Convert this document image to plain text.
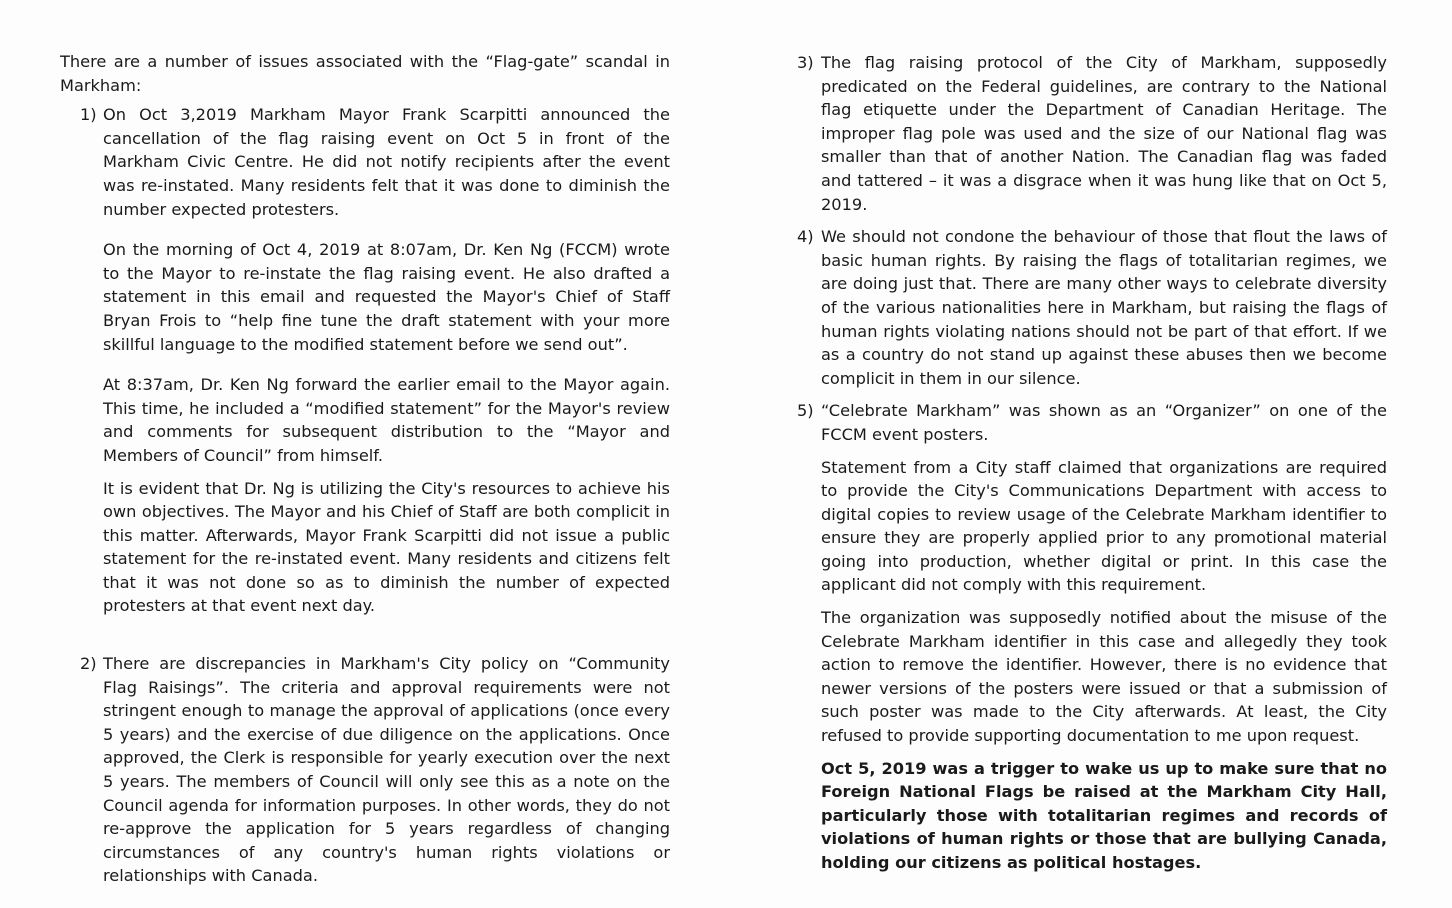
There are a number of issues associated with the “Flag-gate” scandal in Markham:

1) On Oct 3,2019 Markham Mayor Frank Scarpitti announced the cancellation of the flag raising event on Oct 5 in front of the Markham Civic Centre. He did not notify recipients after the event was re-instated. Many residents felt that it was done to diminish the number expected protesters.

On the morning of Oct 4, 2019 at 8:07am, Dr. Ken Ng (FCCM) wrote to the Mayor to re-instate the flag raising event. He also drafted a statement in this email and requested the Mayor's Chief of Staff Bryan Frois to “help fine tune the draft statement with your more skillful language to the modified statement before we send out”.

At 8:37am, Dr. Ken Ng forward the earlier email to the Mayor again. This time, he included a “modified statement” for the Mayor's review and comments for subsequent distribution to the “Mayor and Members of Council” from himself.

It is evident that Dr. Ng is utilizing the City's resources to achieve his own objectives. The Mayor and his Chief of Staff are both complicit in this matter. Afterwards, Mayor Frank Scarpitti did not issue a public statement for the re-instated event. Many residents and citizens felt that it was not done so as to diminish the number of expected protesters at that event next day.

2) There are discrepancies in Markham's City policy on “Community Flag Raisings”. The criteria and approval requirements were not stringent enough to manage the approval of applications (once every 5 years) and the exercise of due diligence on the applications. Once approved, the Clerk is responsible for yearly execution over the next 5 years. The members of Council will only see this as a note on the Council agenda for information purposes. In other words, they do not re-approve the application for 5 years regardless of changing circumstances of any country's human rights violations or relationships with Canada.

3) The flag raising protocol of the City of Markham, supposedly predicated on the Federal guidelines, are contrary to the National flag etiquette under the Department of Canadian Heritage. The improper flag pole was used and the size of our National flag was smaller than that of another Nation. The Canadian flag was faded and tattered – it was a disgrace when it was hung like that on Oct 5, 2019.

4) We should not condone the behaviour of those that flout the laws of basic human rights. By raising the flags of totalitarian regimes, we are doing just that. There are many other ways to celebrate diversity of the various nationalities here in Markham, but raising the flags of human rights violating nations should not be part of that effort. If we as a country do not stand up against these abuses then we become complicit in them in our silence.

5) “Celebrate Markham” was shown as an “Organizer” on one of the FCCM event posters.

Statement from a City staff claimed that organizations are required to provide the City's Communications Department with access to digital copies to review usage of the Celebrate Markham identifier to ensure they are properly applied prior to any promotional material going into production, whether digital or print. In this case the applicant did not comply with this requirement.

The organization was supposedly notified about the misuse of the Celebrate Markham identifier in this case and allegedly they took action to remove the identifier. However, there is no evidence that newer versions of the posters were issued or that a submission of such poster was made to the City afterwards. At least, the City refused to provide supporting documentation to me upon request.

Oct 5, 2019 was a trigger to wake us up to make sure that no Foreign National Flags be raised at the Markham City Hall, particularly those with totalitarian regimes and records of violations of human rights or those that are bullying Canada, holding our citizens as political hostages.
